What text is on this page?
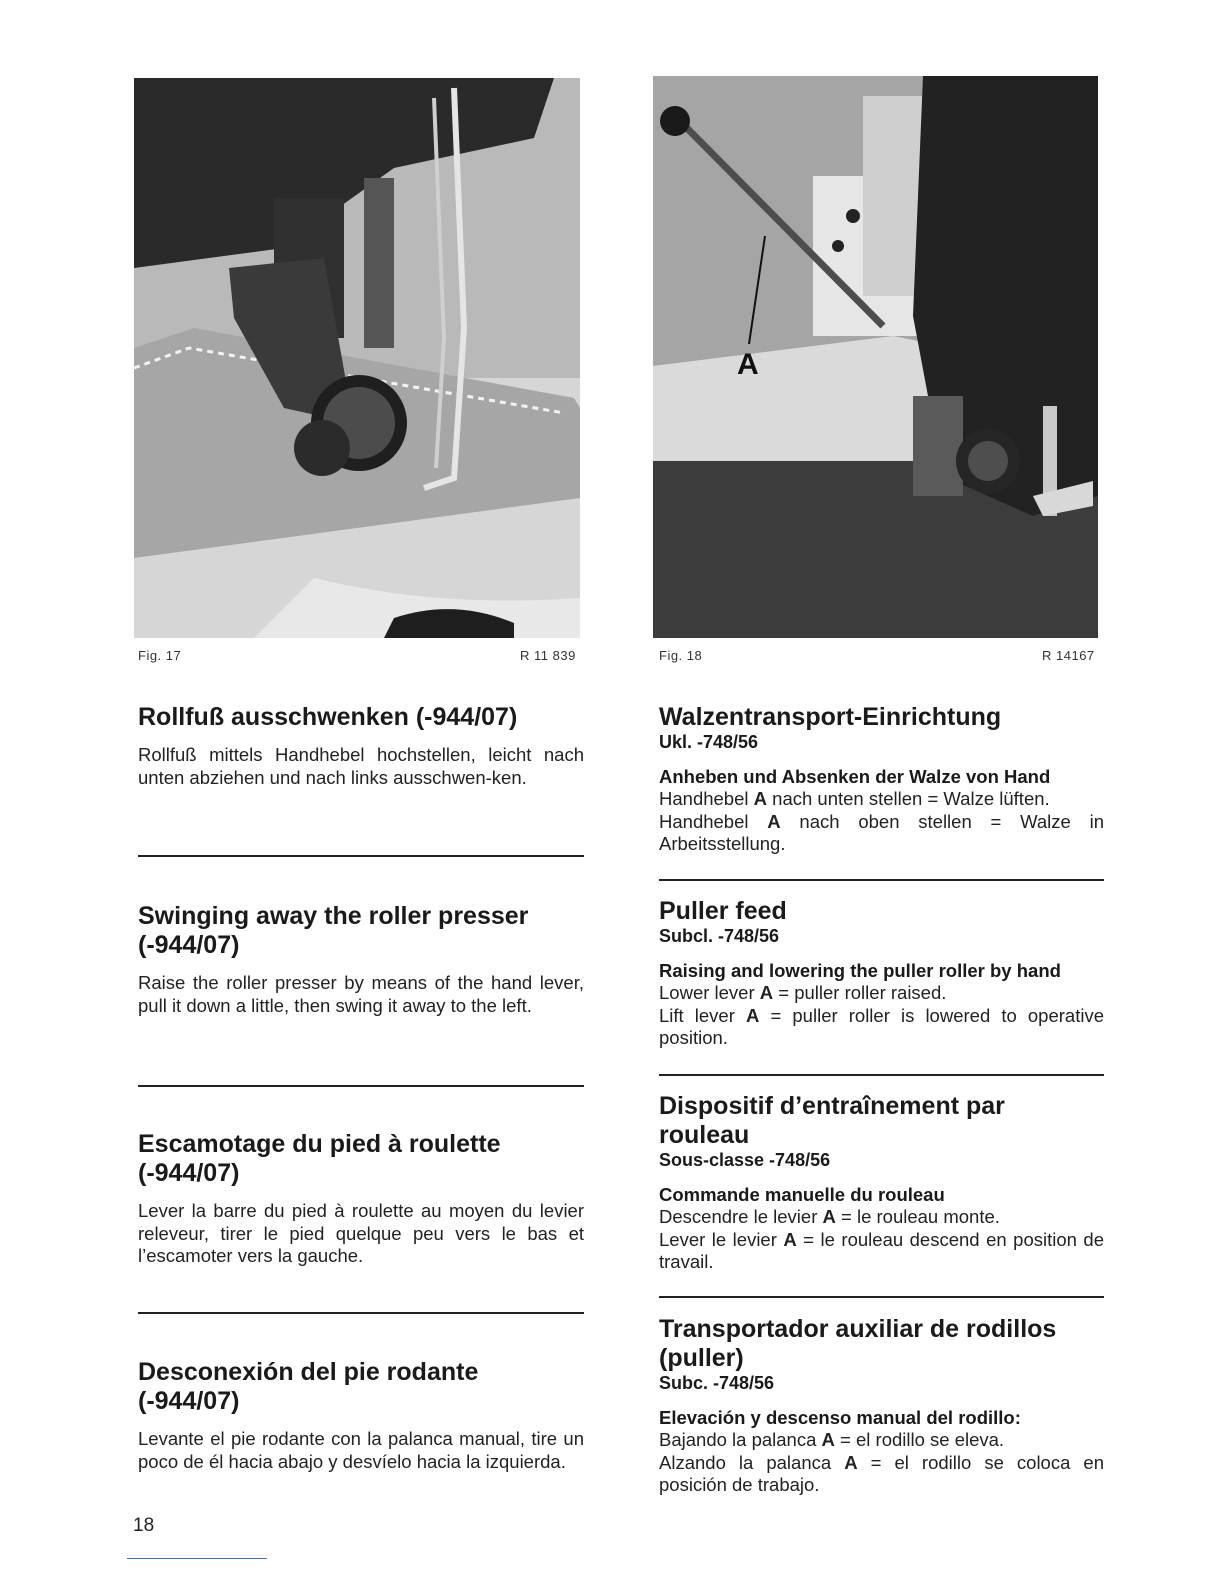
Fig. 17	R 11 839
A
Fig. 18	R 14167
Rollfuß ausschwenken (-944/07)
Rollfuß mittels Handhebel hochstellen, leicht nach unten abziehen und nach links ausschwen-ken.
Swinging away the roller presser
(-944/07)
Raise the roller presser by means of the hand lever, pull it down a little, then swing it away to the left.
Escamotage du pied à roulette
(-944/07)
Lever la barre du pied à roulette au moyen du levier releveur, tirer le pied quelque peu vers le bas et l’escamoter vers la gauche.
Desconexión del pie rodante
(-944/07)
Levante el pie rodante con la palanca manual, tire un poco de él hacia abajo y desvíelo hacia la izquierda.
Walzentransport-Einrichtung
Ukl. -748/56
Anheben und Absenken der Walze von Hand
Handhebel A nach unten stellen = Walze lüften.
Handhebel A nach oben stellen = Walze in Arbeitsstellung.
Puller feed
Subcl. -748/56
Raising and lowering the puller roller by hand
Lower lever A = puller roller raised.
Lift lever A = puller roller is lowered to operative position.
Dispositif d’entraînement par
rouleau
Sous-classe -748/56
Commande manuelle du rouleau
Descendre le levier A = le rouleau monte.
Lever le levier A = le rouleau descend en position de travail.
Transportador auxiliar de rodillos
(puller)
Subc. -748/56
Elevación y descenso manual del rodillo:
Bajando la palanca A = el rodillo se eleva.
Alzando la palanca A = el rodillo se coloca en posición de trabajo.
18
